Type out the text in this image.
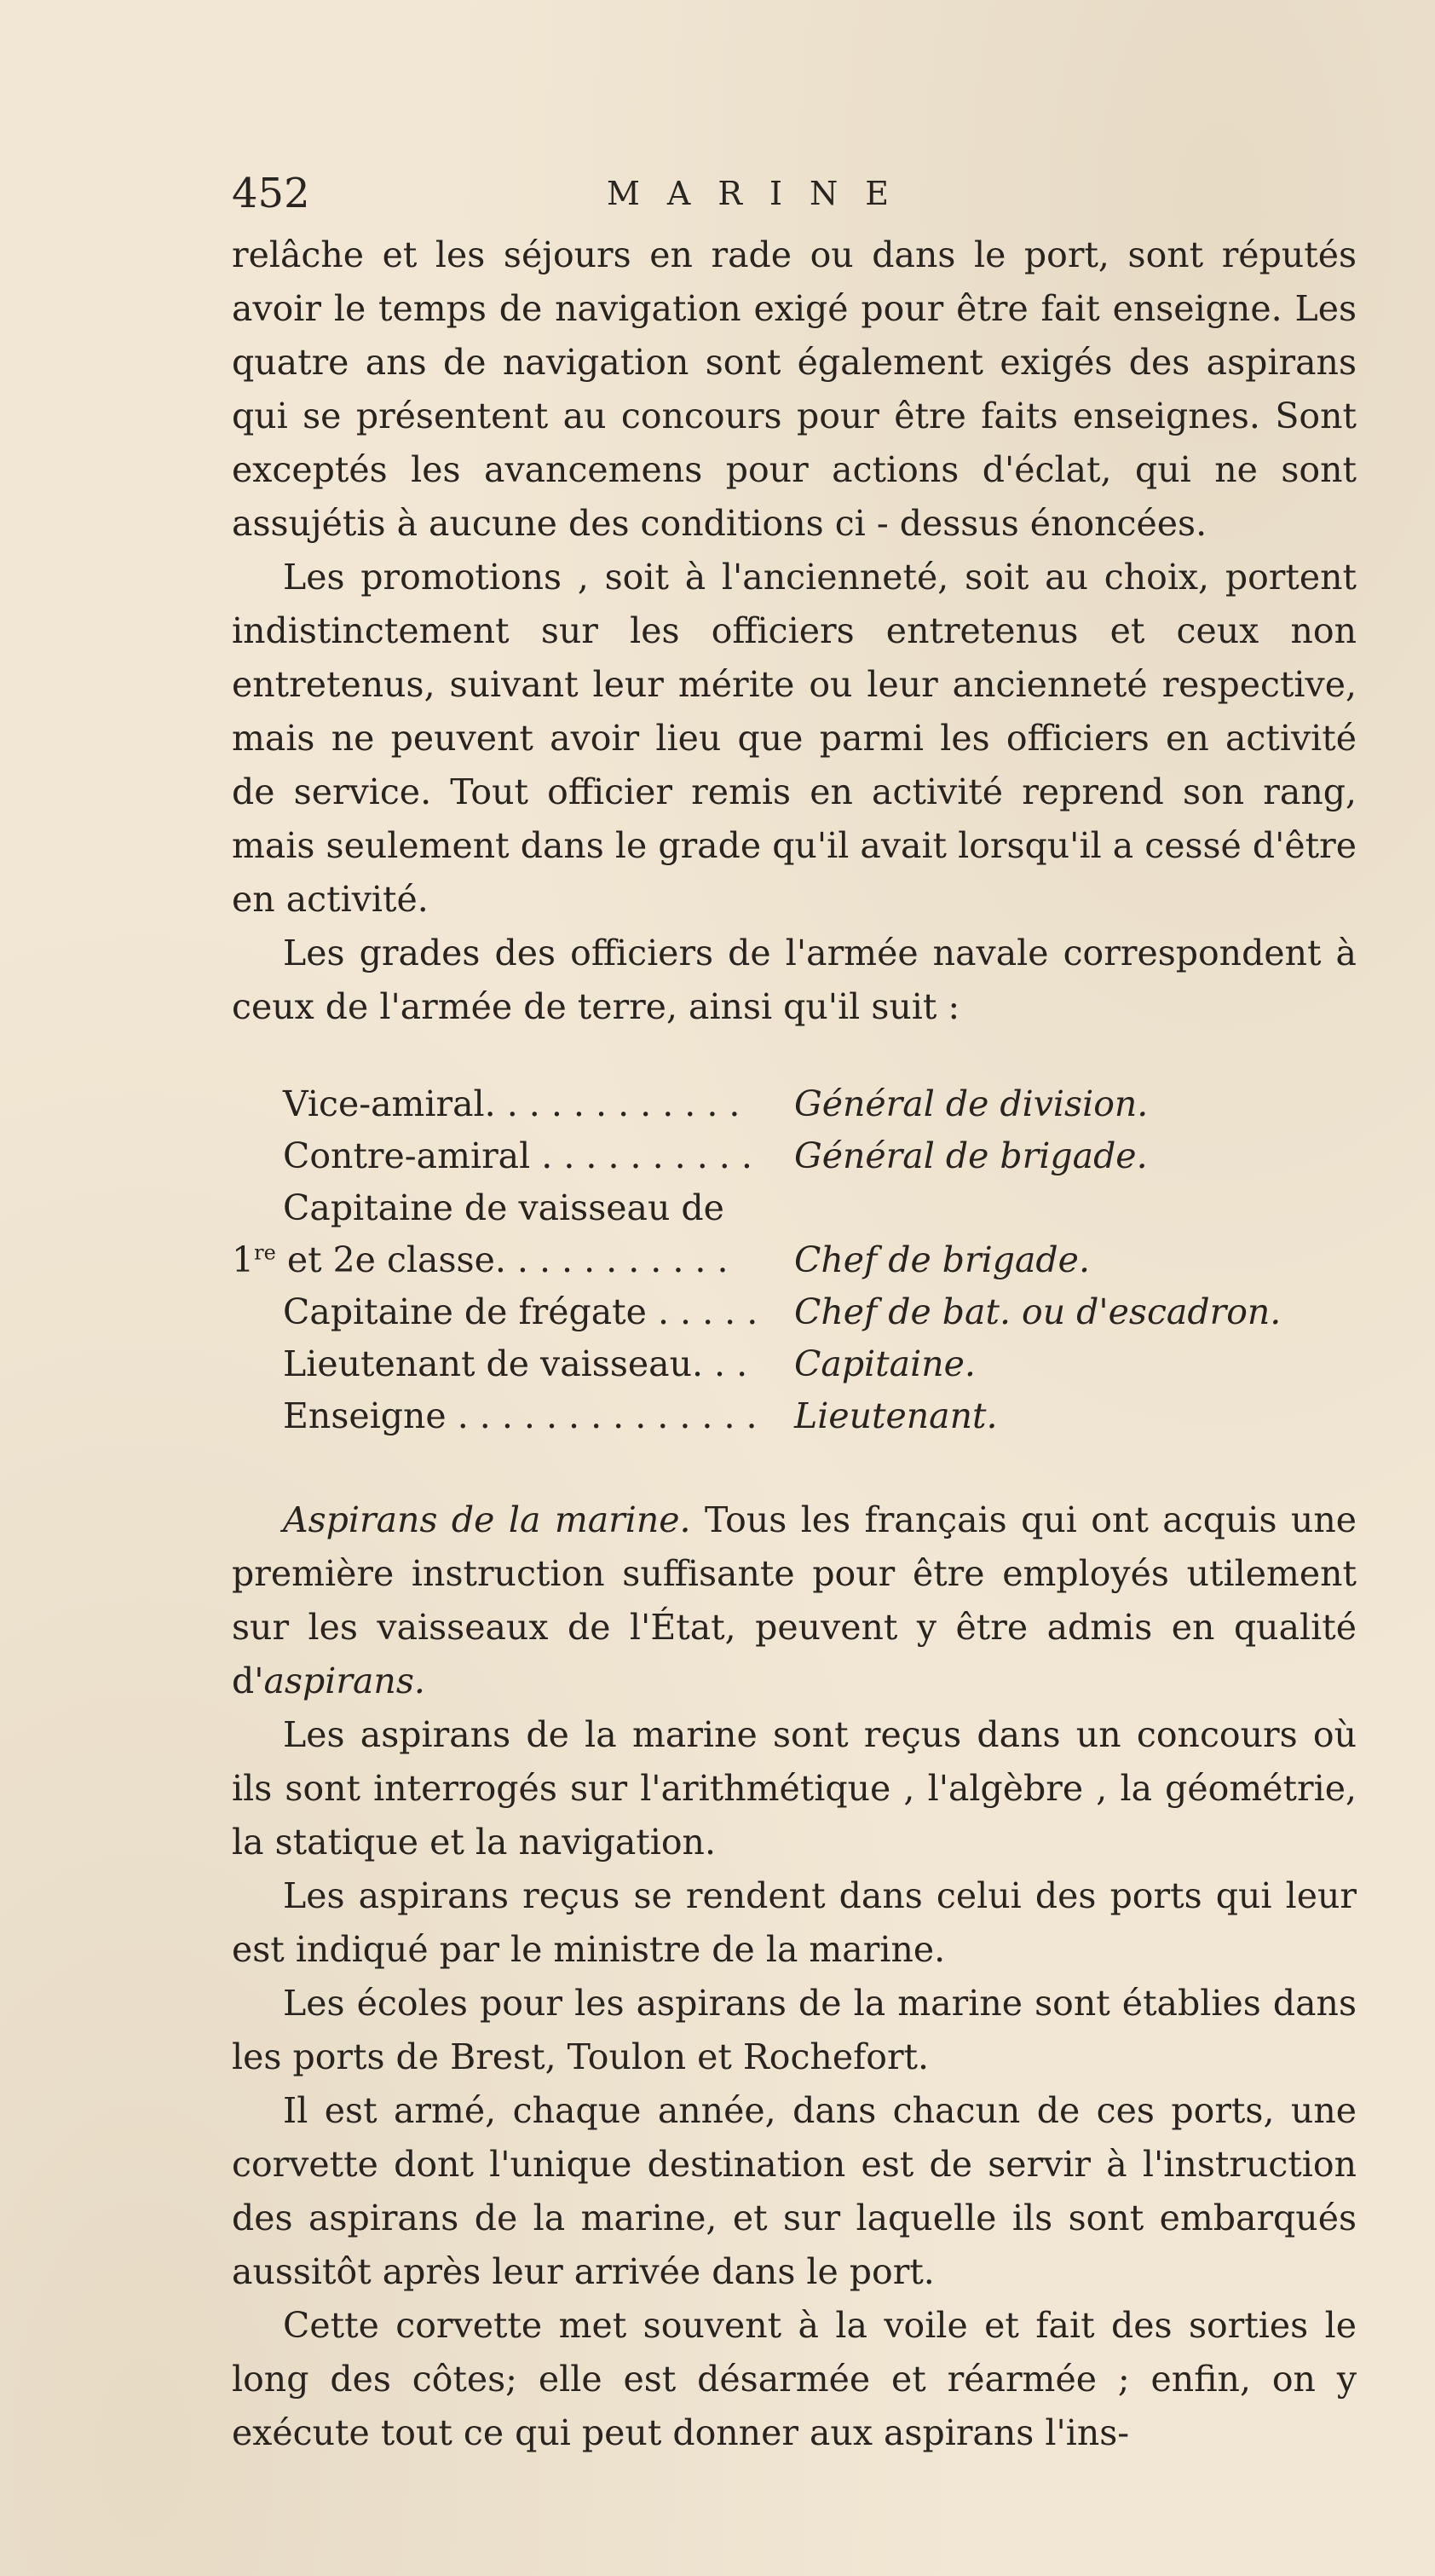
452	MARINE

relâche et les séjours en rade ou dans le port, sont réputés avoir le temps de navigation exigé pour être fait enseigne. Les quatre ans de navigation sont également exigés des aspirans qui se présentent au concours pour être faits enseignes. Sont exceptés les avancemens pour actions d'éclat, qui ne sont assujétis à aucune des conditions ci - dessus énoncées.

Les promotions , soit à l'ancienneté, soit au choix, portent indistinctement sur les officiers entretenus et ceux non entretenus, suivant leur mérite ou leur ancienneté respective, mais ne peuvent avoir lieu que parmi les officiers en activité de service. Tout officier remis en activité reprend son rang, mais seulement dans le grade qu'il avait lorsqu'il a cessé d'être en activité.

Les grades des officiers de l'armée navale correspondent à ceux de l'armée de terre, ainsi qu'il suit :

Vice-amiral. . . . . . . . . . . .	Général de division.
Contre-amiral . . . . . . . . . .	Général de brigade.
Capitaine de vaisseau de
1re et 2e classe. . . . . . . . . . .	Chef de brigade.
Capitaine de frégate . . . . .	Chef de bat. ou d'escadron.
Lieutenant de vaisseau. . .	Capitaine.
Enseigne . . . . . . . . . . . . . .	Lieutenant.

Aspirans de la marine. Tous les français qui ont acquis une première instruction suffisante pour être employés utilement sur les vaisseaux de l'État, peuvent y être admis en qualité d'aspirans.

Les aspirans de la marine sont reçus dans un concours où ils sont interrogés sur l'arithmétique , l'algèbre , la géométrie, la statique et la navigation.

Les aspirans reçus se rendent dans celui des ports qui leur est indiqué par le ministre de la marine.

Les écoles pour les aspirans de la marine sont établies dans les ports de Brest, Toulon et Rochefort.

Il est armé, chaque année, dans chacun de ces ports, une corvette dont l'unique destination est de servir à l'instruction des aspirans de la marine, et sur laquelle ils sont embarqués aussitôt après leur arrivée dans le port.

Cette corvette met souvent à la voile et fait des sorties le long des côtes; elle est désarmée et réarmée ; enfin, on y exécute tout ce qui peut donner aux aspirans l'ins-
